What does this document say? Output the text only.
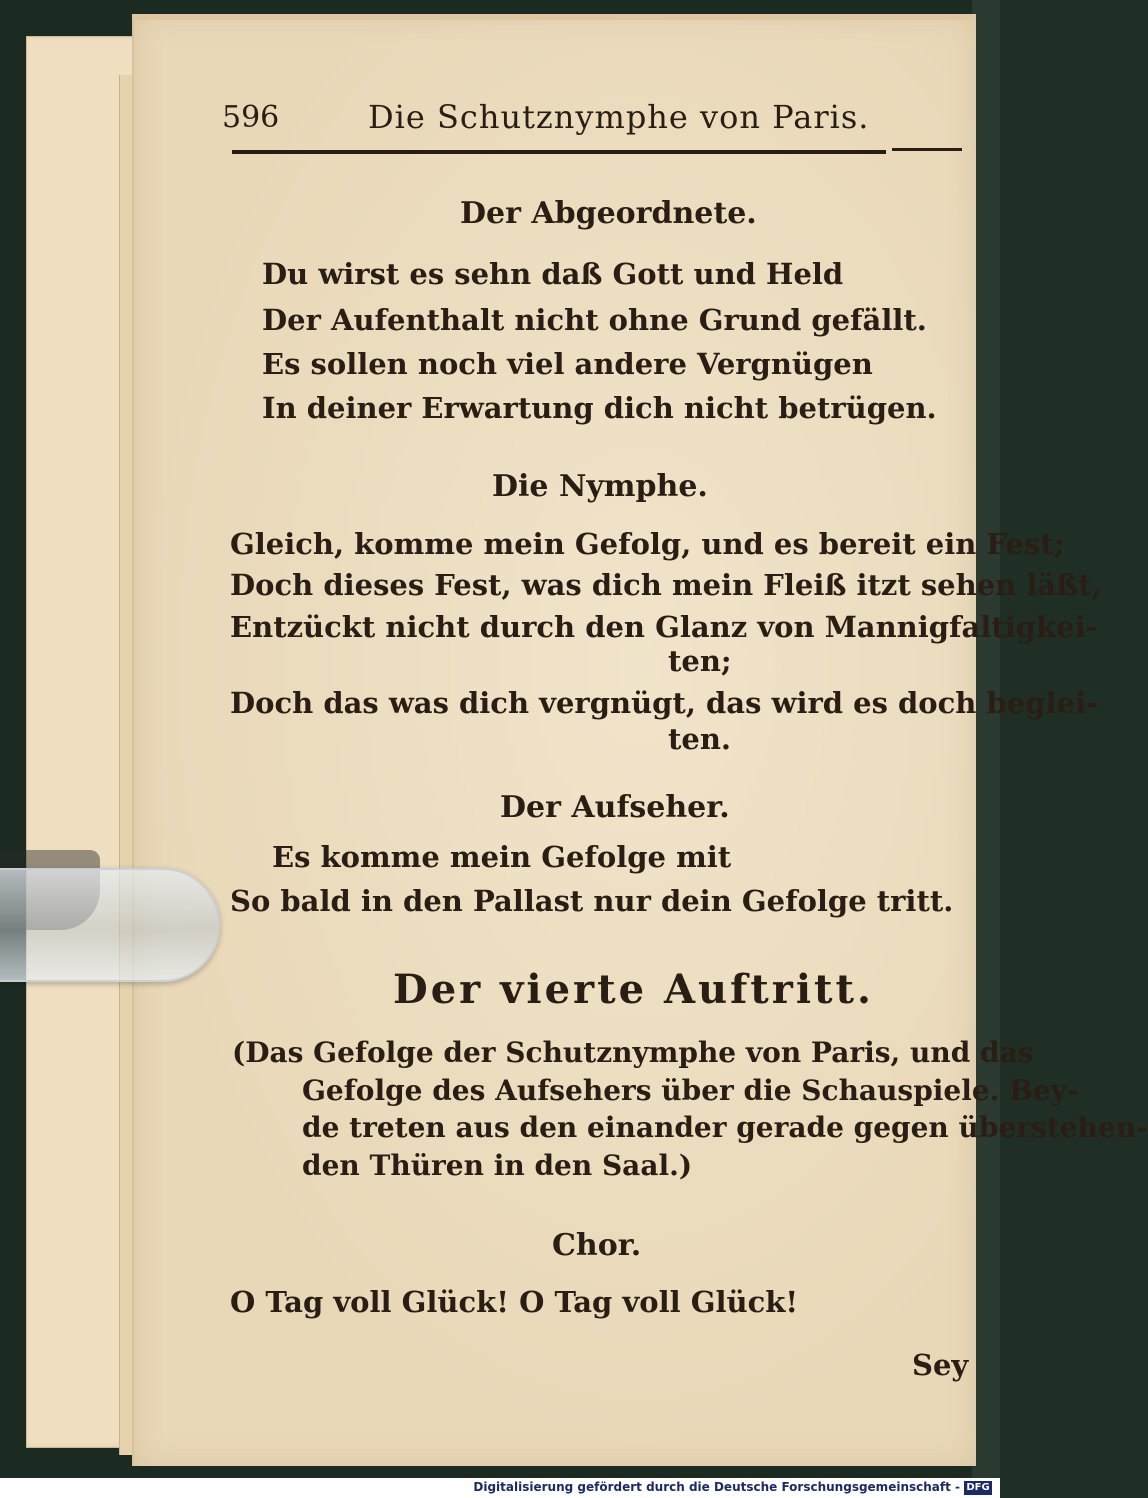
596	Die Schutznymphe von Paris.
Der Abgeordnete.
Du wirst es sehn daß Gott und Held
Der Aufenthalt nicht ohne Grund gefällt.
Es sollen noch viel andere Vergnügen
In deiner Erwartung dich nicht betrügen.
Die Nymphe.
Gleich, komme mein Gefolg, und es bereit ein Fest;
Doch dieses Fest, was dich mein Fleiß itzt sehen läßt,
Entzückt nicht durch den Glanz von Mannigfaltigkei-
ten;
Doch das was dich vergnügt, das wird es doch beglei-
ten.
Der Aufseher.
Es komme mein Gefolge mit
So bald in den Pallast nur dein Gefolge tritt.
Der vierte Auftritt.
(Das Gefolge der Schutznymphe von Paris, und das
Gefolge des Aufsehers über die Schauspiele. Bey-
de treten aus den einander gerade gegen überstehen-
den Thüren in den Saal.)
Chor.
O Tag voll Glück! O Tag voll Glück!
Sey
Digitalisierung gefördert durch die Deutsche Forschungsgemeinschaft - DFG
